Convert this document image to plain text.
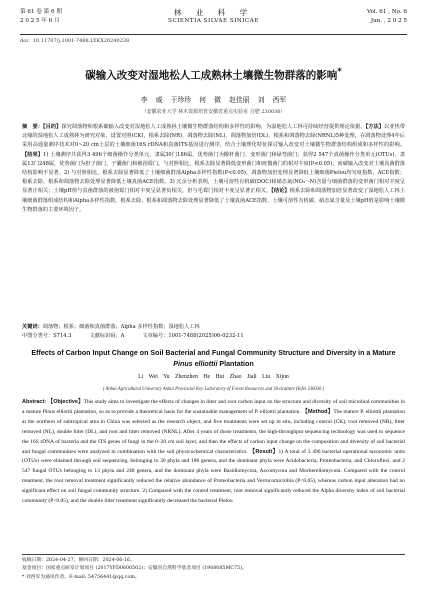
第 61 卷 第 6 期
2 0 2 5 年 6 月
林 业 科 学
SCIENTIA SILVAE SINICAE
Vol. 61 , No. 6
Jun. , 2 0 2 5
doi：10.11707/j.1001-7488.LYKX20240238
碳输入改变对湿地松人工成熟林土壤微生物群落的影响*
李 威 于珍珍 何 微 赵佳丽 刘 西军
（安徽农业大学 林木资源培育安徽省重点实验室 合肥 230036）
摘　要：【目的】探究凋落物和根系碳输入改变对湿地松人工成熟林土壤微生物群落结构和多样性的影响，为湿地松人工林可持续经营提供理论依据。【方法】以亚热带北缘的湿地松人工成熟林为研究对象，设置对照(CK)、根系去除(NR)、凋落物去除(NL)、凋落物加倍(DL)、根系和凋落物去除(NRNL)5种处理，在凋落物处理4年后采用高通量测序技术对0~20 cm土层的土壤细菌16S rDNA和真菌ITS基因进行测序，结合土壤理化特征探讨输入改变对土壤微生物群落结构组成和多样性的影响。【结果】1) 土壤测序共获得3 496个细菌操作分类单元，隶属30门186属，优势菌门为酸杆菌门、变形菌门和绿弯菌门；获得2 547个真菌操作分类单元(OTUs)，隶属13门248属，优势菌门为担子菌门、子囊菌门和被孢霉门。与对照相比，根系去除显著降低变形菌门和疣微菌门的相对丰度(P<0.05)，而碳输入改变对土壤真菌群落结构影响不显著。2) 与对照相比，根系去除显著降低了土壤细菌群落Alpha多样性指数(P<0.05)，凋落物加倍处理显著降低土壤细菌Pielou均匀度指数、ACE指数；根系去除、根系和凋落物去除处理显著降低土壤真菌ACE指数。3) 冗余分析表明，土壤可溶性有机碳(DOC)和硝态氮(NO₃⁻-N)含量与细菌群落的变形菌门相对丰度呈显著正相关；土壤pH值与真菌群落的被孢霉门相对丰度呈显著负相关，但与毛霉门相对丰度呈显著正相关。【结论】根系去除和凋落物加倍显著改变了湿地松人工林土壤细菌群落组成结构和Alpha多样性指数，根系去除、根系和凋落物去除处理显著降低了土壤真菌ACE指数，土壤可溶性有机碳、硝态氮含量及土壤pH值是影响土壤微生物群落的主要环境因子。
关键词：凋落物；根系；细菌和真菌群落；Alpha 多样性指数；湿地松人工林
中图分类号：S714.3	文献标识码：A	文章编号：1001-7488(2025)06-0232-11
Effects of Carbon Input Change on Soil Bacterial and Fungal Community Structure and Diversity in a Mature Pinus elliottii Plantation
Li Wei Yu Zhenzhen He Hui Zhao Jiali Liu Xijun
( Anhui Agricultural University Anhui Provincial Key Laboratory of Forest Resources and Silviculture Hefei 230036 )
Abstract: 【Objective】This study aims to investigate the effects of changes in litter and root carbon input on the structure and diversity of soil microbial communities in a mature Pinus elliottii plantation, so as to provide a theoretical basis for the sustainable management of P. elliottii plantation. 【Method】The mature P. elliottii plantation at the northern of subtropical area in China was selected as the research object, and five treatments were set up in situ, including control (CK), root removed (NR), litter removed (NL), double litter (DL), and root and litter removed (NRNL). After 4 years of those treatments, the high-throughput sequencing technology was used to sequence the 16S rDNA of bacteria and the ITS genes of fungi in the 0–20 cm soil layer, and then the effects of carbon input change on the composition and diversity of soil bacterial and fungal communities were analyzed in combination with the soil physicochemical characteristics. 【Result】1) A total of 3 496 bacterial operational taxonomic units (OTUs) were obtained through soil sequencing, belonging to 30 phyla and 186 genera, and the dominant phyla were Acidobacteria, Proteobacteria, and Chloroflexi, and 2 547 fungal OTUs belonging to 13 phyla and 248 genera, and the dominant phyla were Basidiomycota, Ascomycota and Mortierellomycota. Compared with the control treatment, the root removal treatment significantly reduced the relative abundance of Proteobacteria and Verrucomicrobia (P<0.05), whereas carbon input alteration had no significant effect on soil fungal community structure. 2) Compared with the control treatment, root removal significantly reduced the Alpha diversity index of soil bacterial community (P<0.05), and the double litter treatment significantly decreased the bacterial Pielou
收稿日期：2024-04-27；修回日期：2024-06-16。
基金项目：国家重点研发计划项目 (2017YFD0600502)；安徽省自然科学基金项目 (1908085MC75)。
* 刘西军为通讯作者。E-mail: 54756441@qq.com。
